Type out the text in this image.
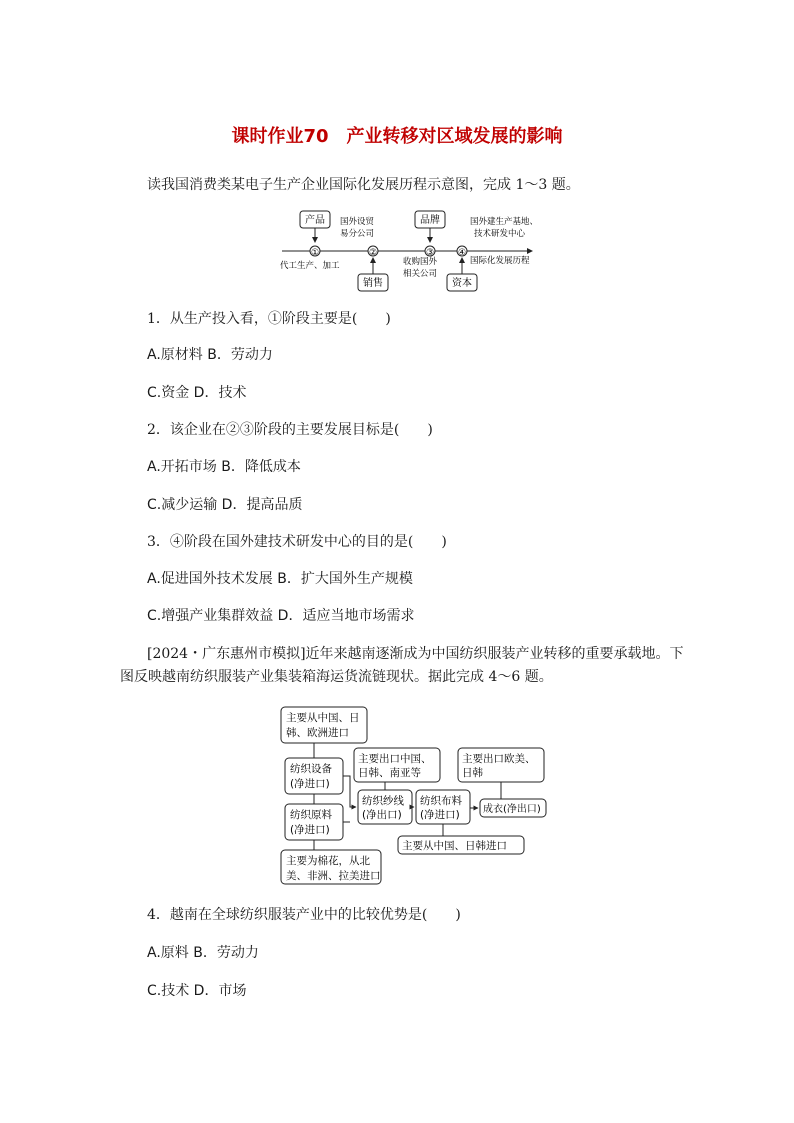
课时作业70 产业转移对区域发展的影响
读我国消费类某电子生产企业国际化发展历程示意图，完成 1～3 题。
产品	品牌
①	②	③	④
国外设贸
易分公司
国外建生产基地、
技术研发中心
代工生产、加工	收购国外
相关公司
国际化发展历程
销售	资本
1．从生产投入看，①阶段主要是(　　)
A.原材料 B．劳动力
C.资金 D．技术
2．该企业在②③阶段的主要发展目标是(　　)
A.开拓市场 B．降低成本
C.减少运输 D．提高品质
3．④阶段在国外建技术研发中心的目的是(　　)
A.促进国外技术发展 B．扩大国外生产规模
C.增强产业集群效益 D．适应当地市场需求
[2024・广东惠州市模拟]近年来越南逐渐成为中国纺织服装产业转移的重要承载地。下
图反映越南纺织服装产业集装箱海运货流链现状。据此完成 4～6 题。
主要从中国、日
韩、欧洲进口
纺织设备
(净进口)
纺织原料
(净进口)
主要为棉花，从北
美、非洲、拉美进口
主要出口中国、
日韩、南亚等
纺织纱线
(净出口)
纺织布料
(净进口)
主要从中国、日韩进口
主要出口欧美、
日韩
成衣(净出口)
4．越南在全球纺织服装产业中的比较优势是(　　)
A.原料 B．劳动力
C.技术 D．市场
